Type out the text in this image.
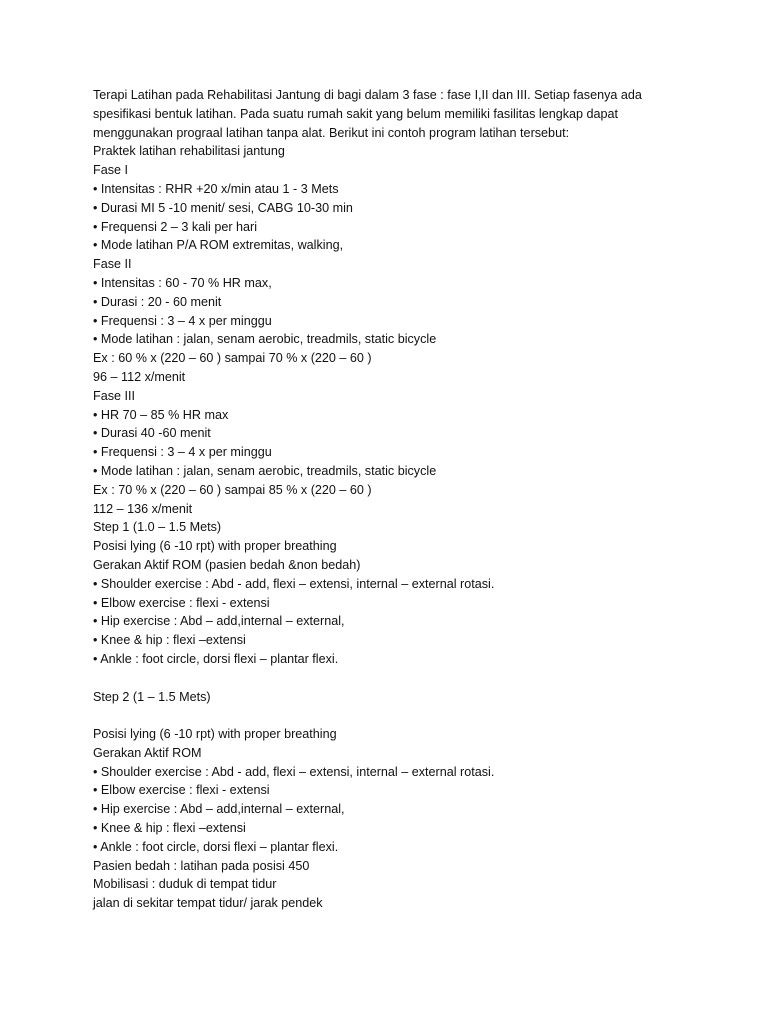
Terapi Latihan pada Rehabilitasi Jantung di bagi dalam 3 fase : fase I,II dan III. Setiap fasenya ada
spesifikasi bentuk latihan. Pada suatu rumah sakit yang belum memiliki fasilitas lengkap dapat
menggunakan prograal latihan tanpa alat. Berikut ini contoh program latihan tersebut:
Praktek latihan rehabilitasi jantung
Fase I
• Intensitas : RHR +20 x/min atau 1 - 3 Mets
• Durasi MI 5 -10 menit/ sesi, CABG 10-30 min
• Frequensi 2 – 3 kali per hari
• Mode latihan P/A ROM extremitas, walking,
Fase II
• Intensitas : 60 - 70 % HR max,
• Durasi : 20 - 60 menit
• Frequensi : 3 – 4 x per minggu
• Mode latihan : jalan, senam aerobic, treadmils, static bicycle
Ex : 60 % x (220 – 60 ) sampai 70 % x (220 – 60 )
96 – 112 x/menit
Fase III
• HR 70 – 85 % HR max
• Durasi 40 -60 menit
• Frequensi : 3 – 4 x per minggu
• Mode latihan : jalan, senam aerobic, treadmils, static bicycle
Ex : 70 % x (220 – 60 ) sampai 85 % x (220 – 60 )
112 – 136 x/menit
Step 1 (1.0 – 1.5 Mets)
Posisi lying (6 -10 rpt) with proper breathing
Gerakan Aktif ROM (pasien bedah &non bedah)
• Shoulder exercise : Abd - add, flexi – extensi, internal – external rotasi.
• Elbow exercise : flexi - extensi
• Hip exercise : Abd – add,internal – external,
• Knee & hip : flexi –extensi
• Ankle : foot circle, dorsi flexi – plantar flexi.
Step 2 (1 – 1.5 Mets)
Posisi lying (6 -10 rpt) with proper breathing
Gerakan Aktif ROM
• Shoulder exercise : Abd - add, flexi – extensi, internal – external rotasi.
• Elbow exercise : flexi - extensi
• Hip exercise : Abd – add,internal – external,
• Knee & hip : flexi –extensi
• Ankle : foot circle, dorsi flexi – plantar flexi.
Pasien bedah : latihan pada posisi 450
Mobilisasi : duduk di tempat tidur
jalan di sekitar tempat tidur/ jarak pendek
